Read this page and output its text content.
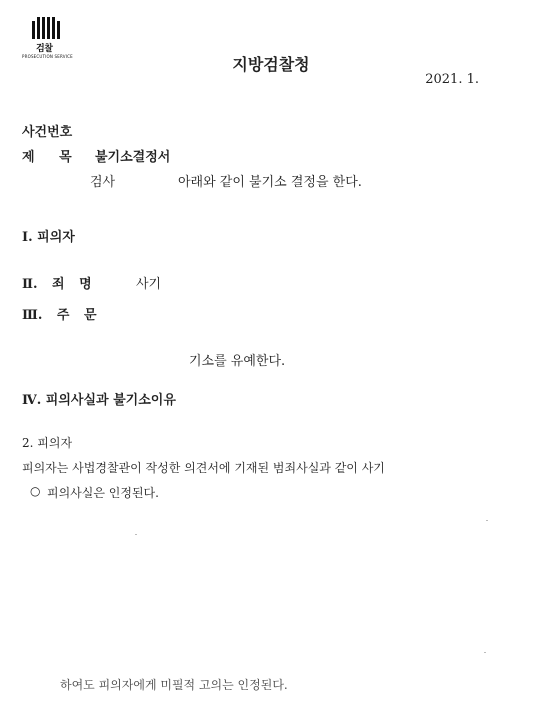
검찰
PROSECUTION SERVICE	지방검찰청
2021. 1.
사건번호
제 목 불기소결정서
검사	아래와 같이 불기소 결정을 한다.
Ⅰ. 피의자
Ⅱ. 죄 명	사기
Ⅲ. 주 문
기소를 유예한다.
Ⅳ. 피의사실과 불기소이유
2. 피의자
피의자는 사법경찰관이 작성한 의견서에 기재된 범죄사실과 같이 사기
○ 피의사실은 인정된다.
하여도 피의자에게 미필적 고의는 인정된다.
